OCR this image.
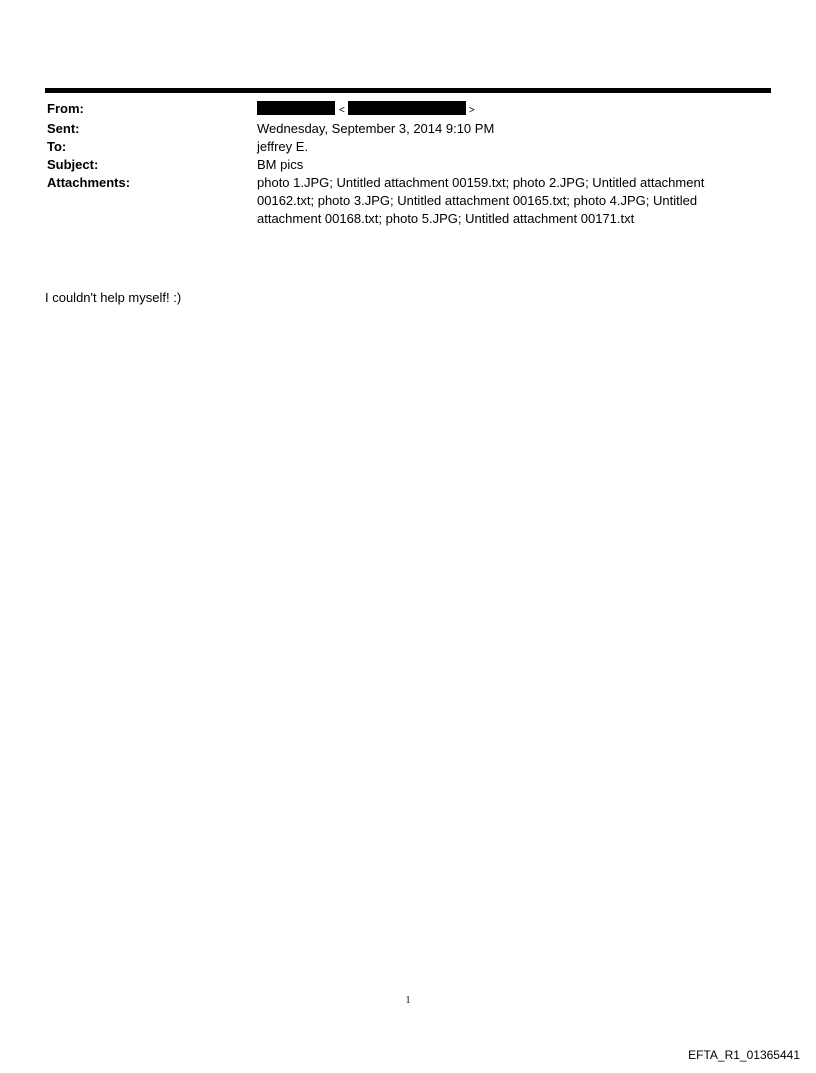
From:	<	>
Sent:	Wednesday, September 3, 2014 9:10 PM
To:	jeffrey E.
Subject:	BM pics
Attachments:	photo 1.JPG; Untitled attachment 00159.txt; photo 2.JPG; Untitled attachment 00162.txt; photo 3.JPG; Untitled attachment 00165.txt; photo 4.JPG; Untitled attachment 00168.txt; photo 5.JPG; Untitled attachment 00171.txt
I couldn't help myself! :)
1
EFTA_R1_01365441
